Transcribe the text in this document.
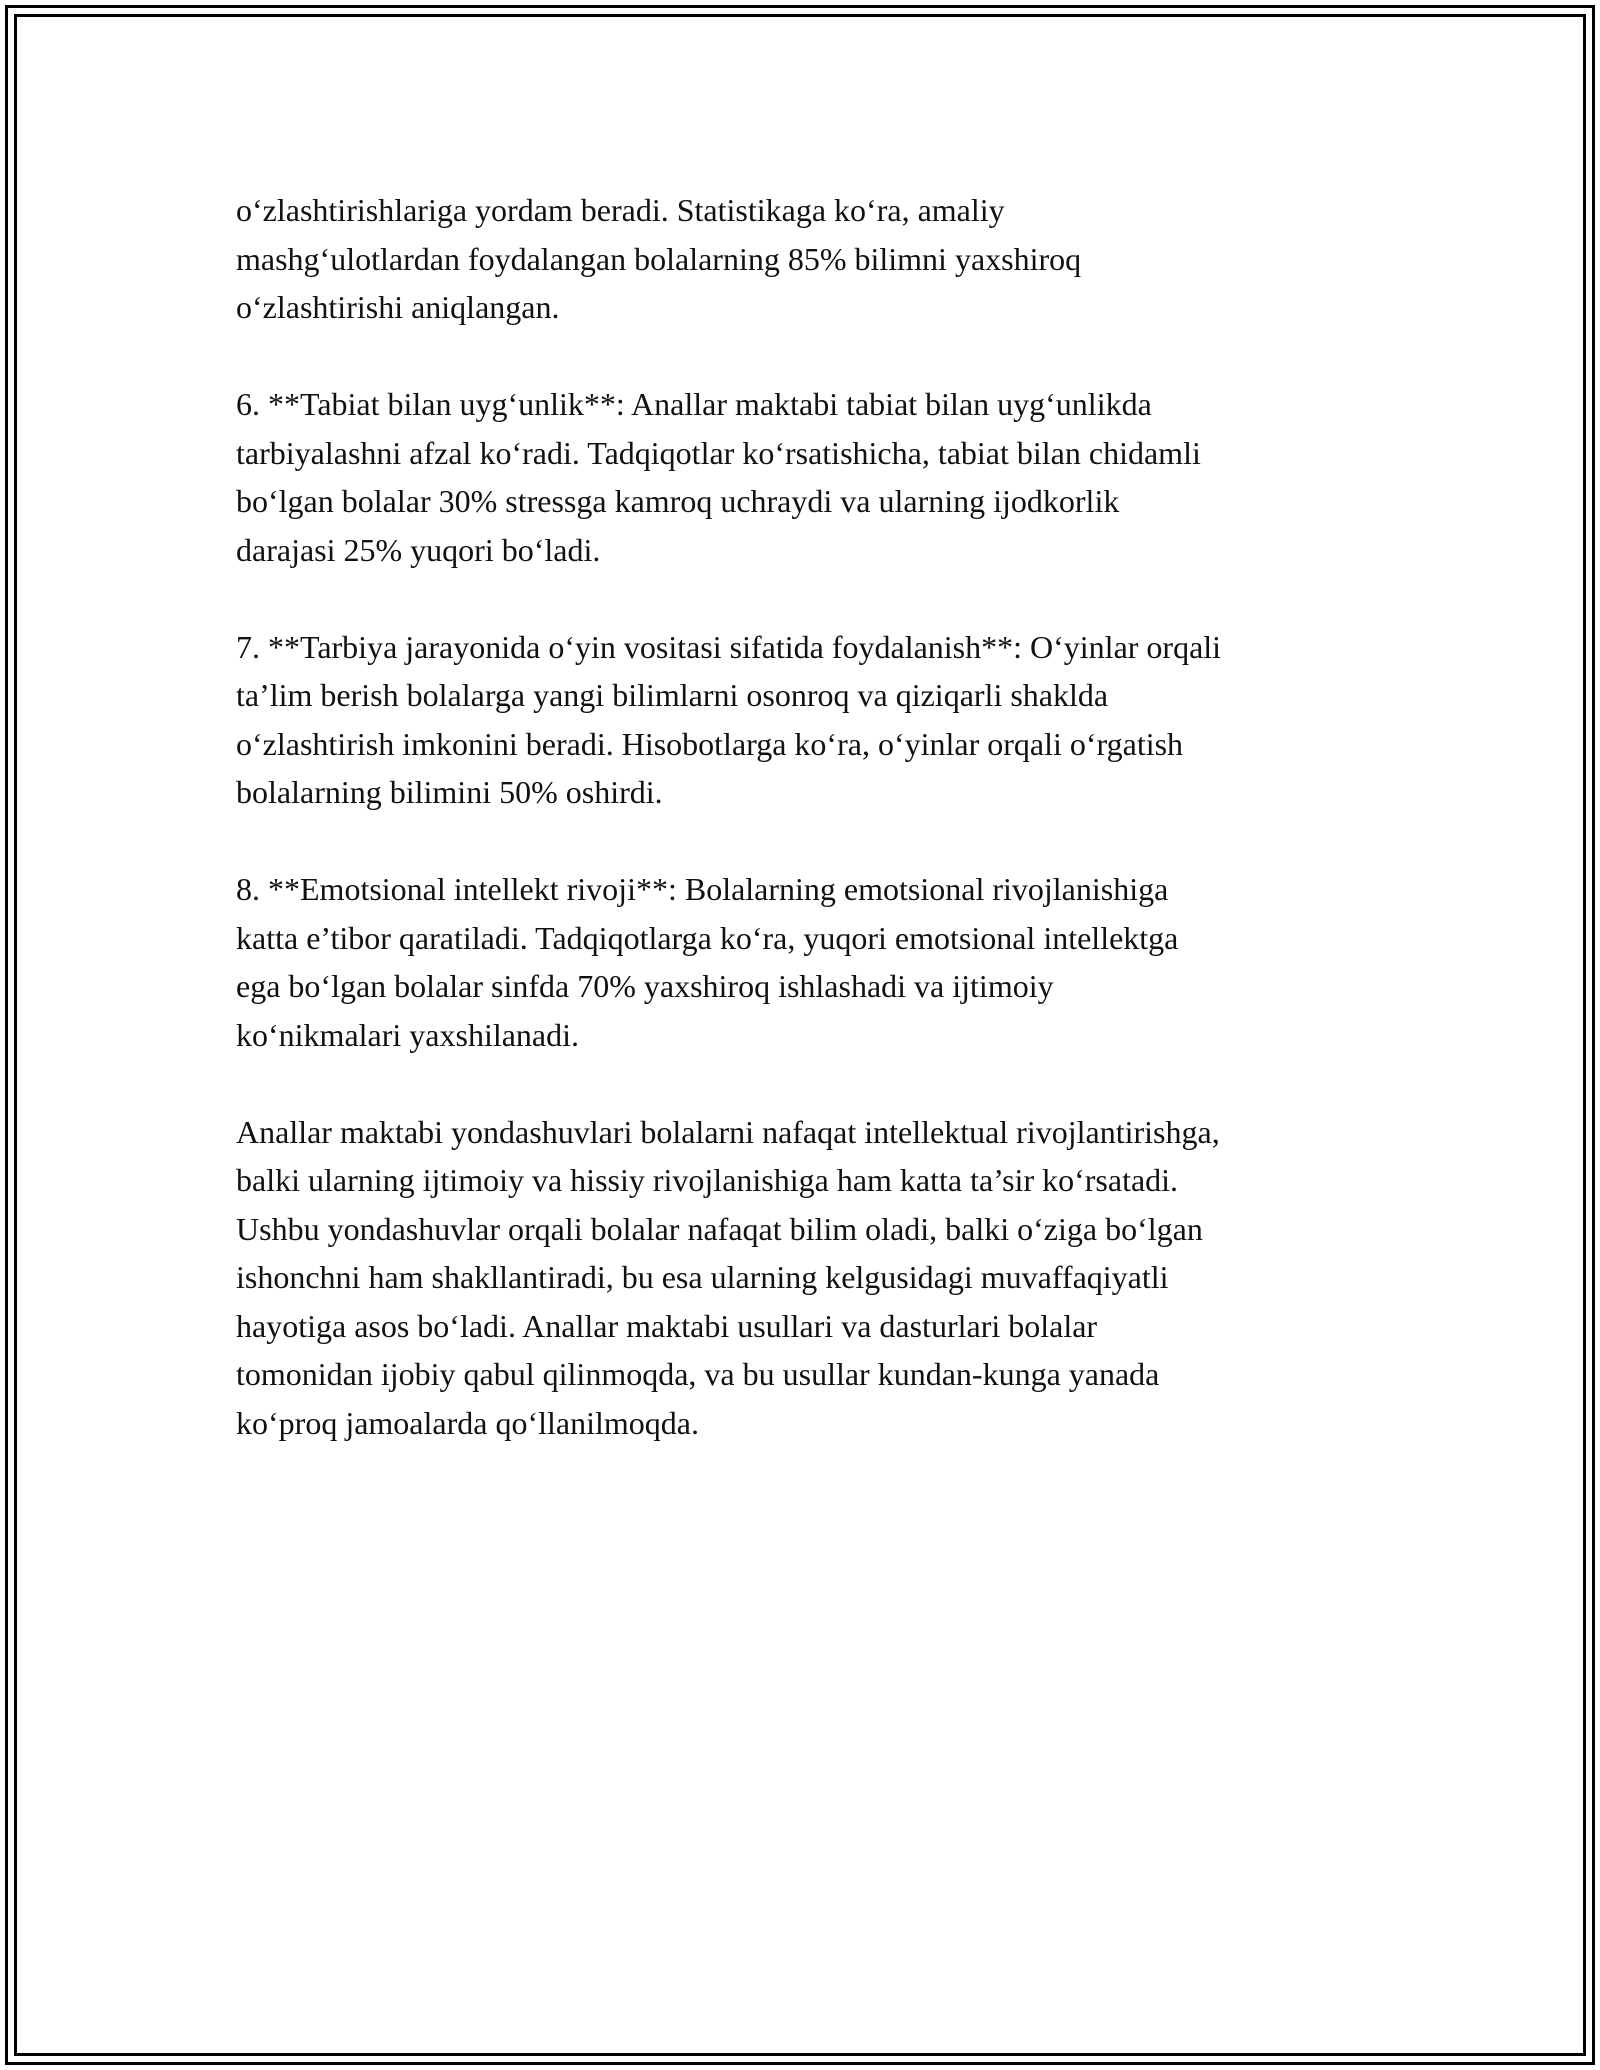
o‘zlashtirishlariga yordam beradi. Statistikaga ko‘ra, amaliy
mashg‘ulotlardan foydalangan bolalarning 85% bilimni yaxshiroq
o‘zlashtirishi aniqlangan.

6. **Tabiat bilan uyg‘unlik**: Anallar maktabi tabiat bilan uyg‘unlikda
tarbiyalashni afzal ko‘radi. Tadqiqotlar ko‘rsatishicha, tabiat bilan chidamli
bo‘lgan bolalar 30% stressga kamroq uchraydi va ularning ijodkorlik
darajasi 25% yuqori bo‘ladi.

7. **Tarbiya jarayonida o‘yin vositasi sifatida foydalanish**: O‘yinlar orqali
ta’lim berish bolalarga yangi bilimlarni osonroq va qiziqarli shaklda
o‘zlashtirish imkonini beradi. Hisobotlarga ko‘ra, o‘yinlar orqali o‘rgatish
bolalarning bilimini 50% oshirdi.

8. **Emotsional intellekt rivoji**: Bolalarning emotsional rivojlanishiga
katta e’tibor qaratiladi. Tadqiqotlarga ko‘ra, yuqori emotsional intellektga
ega bo‘lgan bolalar sinfda 70% yaxshiroq ishlashadi va ijtimoiy
ko‘nikmalari yaxshilanadi.

Anallar maktabi yondashuvlari bolalarni nafaqat intellektual rivojlantirishga,
balki ularning ijtimoiy va hissiy rivojlanishiga ham katta ta’sir ko‘rsatadi.
Ushbu yondashuvlar orqali bolalar nafaqat bilim oladi, balki o‘ziga bo‘lgan
ishonchni ham shakllantiradi, bu esa ularning kelgusidagi muvaffaqiyatli
hayotiga asos bo‘ladi. Anallar maktabi usullari va dasturlari bolalar
tomonidan ijobiy qabul qilinmoqda, va bu usullar kundan-kunga yanada
ko‘proq jamoalarda qo‘llanilmoqda.
